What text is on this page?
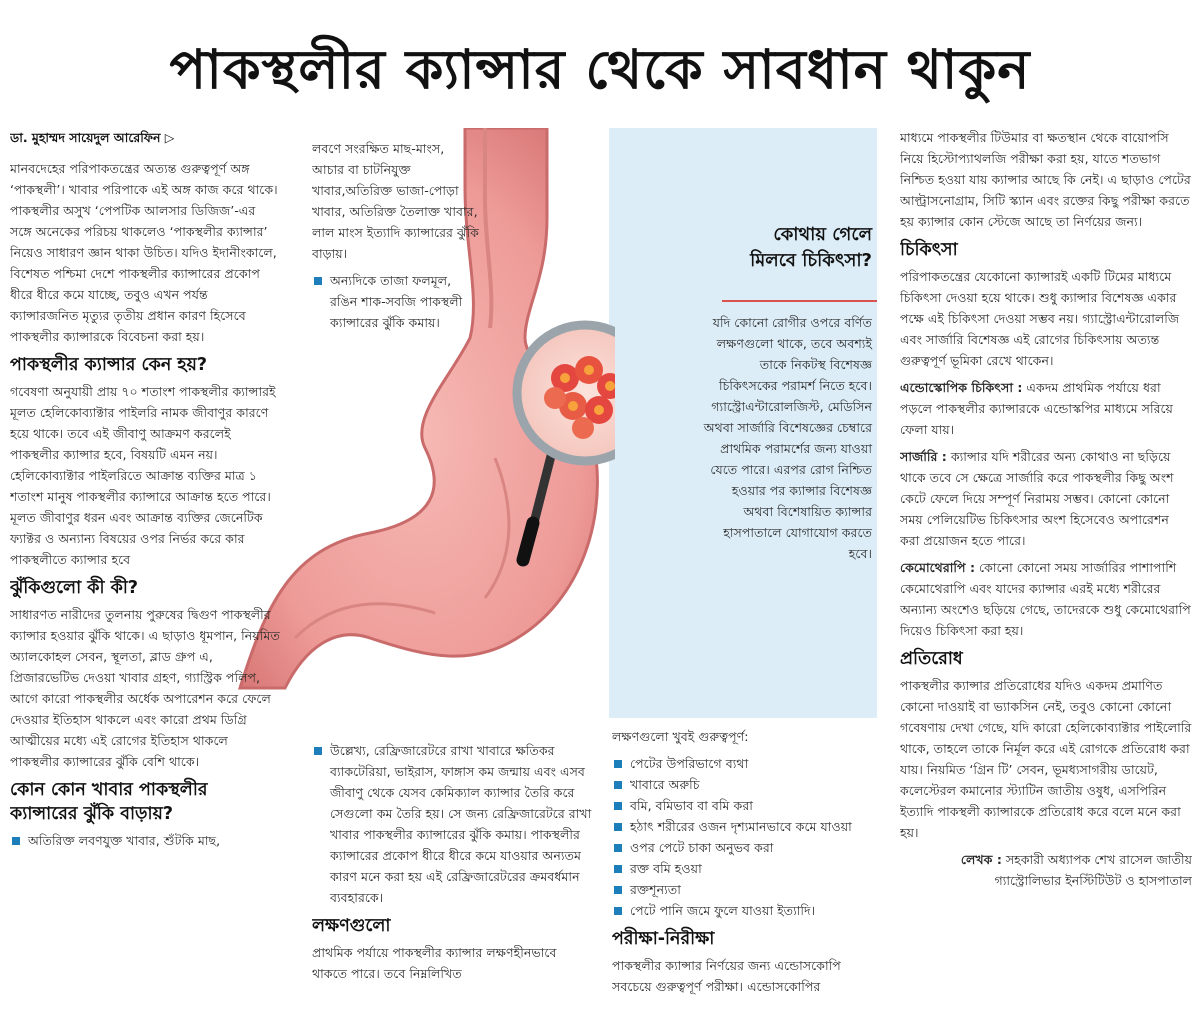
পাকস্থলীর ক্যান্সার থেকে সাবধান থাকুন
ডা. মুহাম্মদ সায়েদুল আরেফিন ▷

মানবদেহের পরিপাকতন্ত্রের অত্যন্ত গুরুত্বপূর্ণ অঙ্গ ‘পাকস্থলী’। খাবার পরিপাকে এই অঙ্গ কাজ করে থাকে। পাকস্থলীর অসুখ ‘পেপটিক আলসার ডিজিজ’-এর সঙ্গে অনেকের পরিচয় থাকলেও ‘পাকস্থলীর ক্যান্সার’ নিয়েও সাধারণ জ্ঞান থাকা উচিত। যদিও ইদানীংকালে, বিশেষত পশ্চিমা দেশে পাকস্থলীর ক্যান্সারের প্রকোপ ধীরে ধীরে কমে যাচ্ছে, তবুও এখন পর্যন্ত ক্যান্সারজনিত মৃত্যুর তৃতীয় প্রধান কারণ হিসেবে পাকস্থলীর ক্যান্সারকে বিবেচনা করা হয়।

পাকস্থলীর ক্যান্সার কেন হয়?

গবেষণা অনুযায়ী প্রায় ৭০ শতাংশ পাকস্থলীর ক্যান্সারই মূলত হেলিকোব্যাক্টার পাইলরি নামক জীবাণুর কারণে হয়ে থাকে। তবে এই জীবাণু আক্রমণ করলেই পাকস্থলীর ক্যান্সার হবে, বিষয়টি এমন নয়। হেলিকোব্যাক্টার পাইলরিতে আক্রান্ত ব্যক্তির মাত্র ১ শতাংশ মানুষ পাকস্থলীর ক্যান্সারে আক্রান্ত হতে পারে। মূলত জীবাণুর ধরন এবং আক্রান্ত ব্যক্তির জেনেটিক ফ্যাক্টর ও অন্যান্য বিষয়ের ওপর নির্ভর করে কার পাকস্থলীতে ক্যান্সার হবে

ঝুঁকিগুলো কী কী?

সাধারণত নারীদের তুলনায় পুরুষের দ্বিগুণ পাকস্থলীর ক্যান্সার হওয়ার ঝুঁকি থাকে। এ ছাড়াও ধূমপান, নিয়মিত অ্যালকোহল সেবন, স্থূলতা, ব্লাড গ্রুপ এ, প্রিজারভেটিভ দেওয়া খাবার গ্রহণ, গ্যাস্ট্রিক পলিপ, আগে কারো পাকস্থলীর অর্ধেক অপারেশন করে ফেলে দেওয়ার ইতিহাস থাকলে এবং কারো প্রথম ডিগ্রি আত্মীয়ের মধ্যে এই রোগের ইতিহাস থাকলে পাকস্থলীর ক্যান্সারের ঝুঁকি বেশি থাকে।

কোন কোন খাবার পাকস্থলীর ক্যান্সারের ঝুঁকি বাড়ায়?
অতিরিক্ত লবণযুক্ত খাবার, শুঁটকি মাছ,

লবণে সংরক্ষিত মাছ-মাংস, আচার বা চাটনিযুক্ত খাবার,অতিরিক্ত ভাজা-পোড়া খাবার, অতিরিক্ত তৈলাক্ত খাবার, লাল মাংস ইত্যাদি ক্যান্সারের ঝুঁকি বাড়ায়।

অন্যদিকে তাজা ফলমূল, রঙিন শাক-সবজি পাকস্থলী ক্যান্সারের ঝুঁকি কমায়।
কোথায় গেলে মিলবে চিকিৎসা?
যদি কোনো রোগীর ওপরে বর্ণিত লক্ষণগুলো থাকে, তবে অবশ্যই তাকে নিকটস্থ বিশেষজ্ঞ চিকিৎসকের পরামর্শ নিতে হবে। গ্যাস্ট্রোএন্টারোলজিস্ট, মেডিসিন অথবা সার্জারি বিশেষজ্ঞের চেম্বারে প্রাথমিক পরামর্শের জন্য যাওয়া যেতে পারে। এরপর রোগ নিশ্চিত হওয়ার পর ক্যান্সার বিশেষজ্ঞ অথবা বিশেষায়িত ক্যান্সার হাসপাতালে যোগাযোগ করতে হবে।
উল্লেখ্য, রেফ্রিজারেটরে রাখা খাবারে ক্ষতিকর ব্যাকটেরিয়া, ভাইরাস, ফাঙ্গাস কম জন্মায় এবং এসব জীবাণু থেকে যেসব কেমিক্যাল ক্যান্সার তৈরি করে সেগুলো কম তৈরি হয়। সে জন্য রেফ্রিজারেটরে রাখা খাবার পাকস্থলীর ক্যান্সারের ঝুঁকি কমায়। পাকস্থলীর ক্যান্সারের প্রকোপ ধীরে ধীরে কমে যাওয়ার অন্যতম কারণ মনে করা হয় এই রেফ্রিজারেটরের ক্রমবর্ধমান ব্যবহারকে।
লক্ষণগুলো

প্রাথমিক পর্যায়ে পাকস্থলীর ক্যান্সার লক্ষণহীনভাবে থাকতে পারে। তবে নিম্নলিখিত

লক্ষণগুলো খুবই গুরুত্বপূর্ণ:

পেটের উপরিভাগে ব্যথা
খাবারে অরুচি
বমি, বমিভাব বা বমি করা
হঠাৎ শরীরের ওজন দৃশ্যমানভাবে কমে যাওয়া
ওপর পেটে চাকা অনুভব করা
রক্ত বমি হওয়া
রক্তশূন্যতা
পেটে পানি জমে ফুলে যাওয়া ইত্যাদি।
পরীক্ষা-নিরীক্ষা

পাকস্থলীর ক্যান্সার নির্ণয়ের জন্য এন্ডোসকোপি সবচেয়ে গুরুত্বপূর্ণ পরীক্ষা। এন্ডোসকোপির

মাধ্যমে পাকস্থলীর টিউমার বা ক্ষতস্থান থেকে বায়োপসি নিয়ে হিস্টোপ্যাথলজি পরীক্ষা করা হয়, যাতে শতভাগ নিশ্চিত হওয়া যায় ক্যান্সার আছে কি নেই। এ ছাড়াও পেটের আল্ট্রাসনোগ্রাম, সিটি স্ক্যান এবং রক্তের কিছু পরীক্ষা করতে হয় ক্যান্সার কোন স্টেজে আছে তা নির্ণয়ের জন্য।

চিকিৎসা

পরিপাকতন্ত্রের যেকোনো ক্যান্সারই একটি টিমের মাধ্যমে চিকিৎসা দেওয়া হয়ে থাকে। শুধু ক্যান্সার বিশেষজ্ঞ একার পক্ষে এই চিকিৎসা দেওয়া সম্ভব নয়। গ্যাস্ট্রোএন্টারোলজি এবং সার্জারি বিশেষজ্ঞ এই রোগের চিকিৎসায় অত্যন্ত গুরুত্বপূর্ণ ভূমিকা রেখে থাকেন।

এন্ডোস্কোপিক চিকিৎসা : একদম প্রাথমিক পর্যায়ে ধরা পড়লে পাকস্থলীর ক্যান্সারকে এন্ডোস্কপির মাধ্যমে সরিয়ে ফেলা যায়।

সার্জারি : ক্যান্সার যদি শরীরের অন্য কোথাও না ছড়িয়ে থাকে তবে সে ক্ষেত্রে সার্জারি করে পাকস্থলীর কিছু অংশ কেটে ফেলে দিয়ে সম্পূর্ণ নিরাময় সম্ভব। কোনো কোনো সময় পেলিয়েটিভ চিকিৎসার অংশ হিসেবেও অপারেশন করা প্রয়োজন হতে পারে।

কেমোথেরাপি : কোনো কোনো সময় সার্জারির পাশাপাশি কেমোথেরাপি এবং যাদের ক্যান্সার এরই মধ্যে শরীরের অন্যান্য অংশেও ছড়িয়ে গেছে, তাদেরকে শুধু কেমোথেরাপি দিয়েও চিকিৎসা করা হয়।

প্রতিরোধ

পাকস্থলীর ক্যান্সার প্রতিরোধের যদিও একদম প্রমাণিত কোনো দাওয়াই বা ভ্যাকসিন নেই, তবুও কোনো কোনো গবেষণায় দেখা গেছে, যদি কারো হেলিকোব্যাক্টার পাইলোরি থাকে, তাহলে তাকে নির্মূল করে এই রোগকে প্রতিরোধ করা যায়। নিয়মিত ‘গ্রিন টি’ সেবন, ভূমধ্যসাগরীয় ডায়েট, কলেস্টেরল কমানোর স্ট্যাটিন জাতীয় ওষুধ, এসপিরিন ইত্যাদি পাকস্থলী ক্যান্সারকে প্রতিরোধ করে বলে মনে করা হয়।

লেখক : সহকারী অধ্যাপক শেখ রাসেল জাতীয় গ্যাস্ট্রোলিভার ইনস্টিটিউট ও হাসপাতাল
